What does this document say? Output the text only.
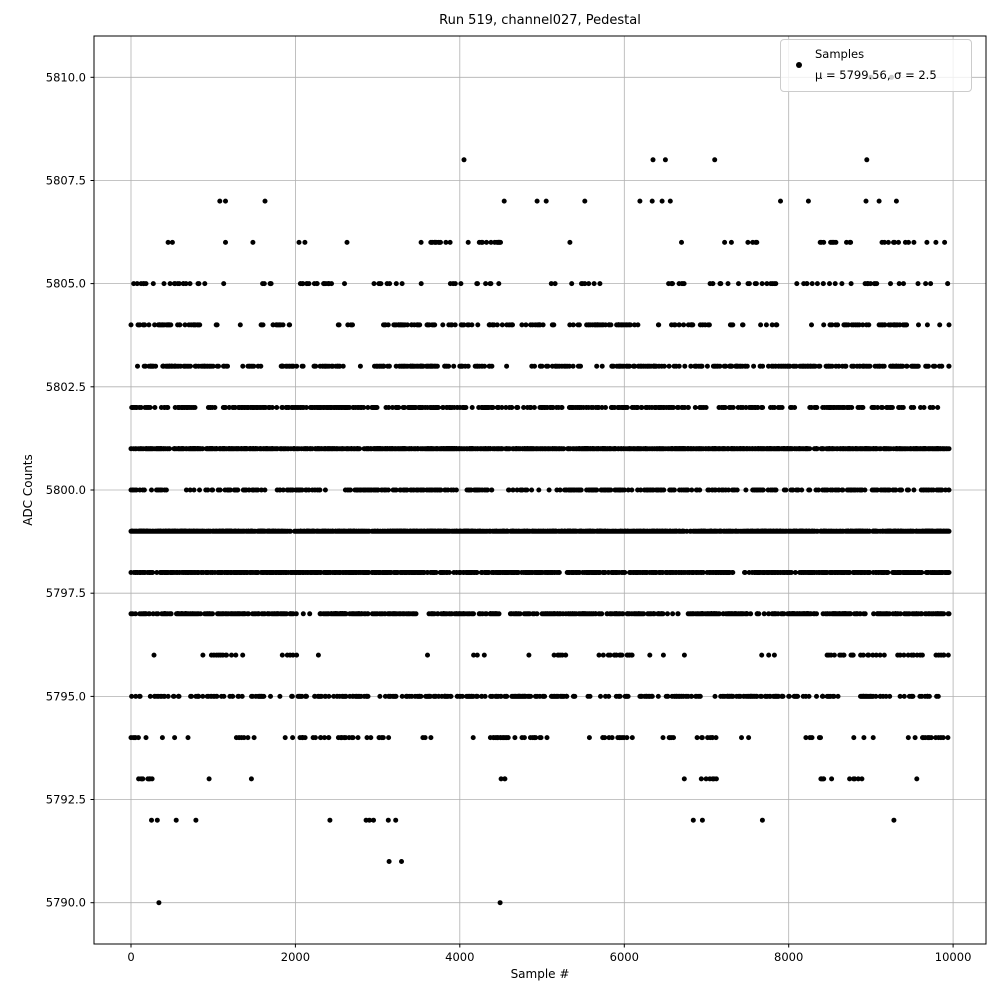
0	2000	4000	6000	8000	10000
5790.0
5792.5
5795.0
5797.5
5800.0
5802.5
5805.0
5807.5
5810.0
Run 519, channel027, Pedestal
Sample #
ADC Counts
Samples
μ = 5799.56, σ = 2.5
